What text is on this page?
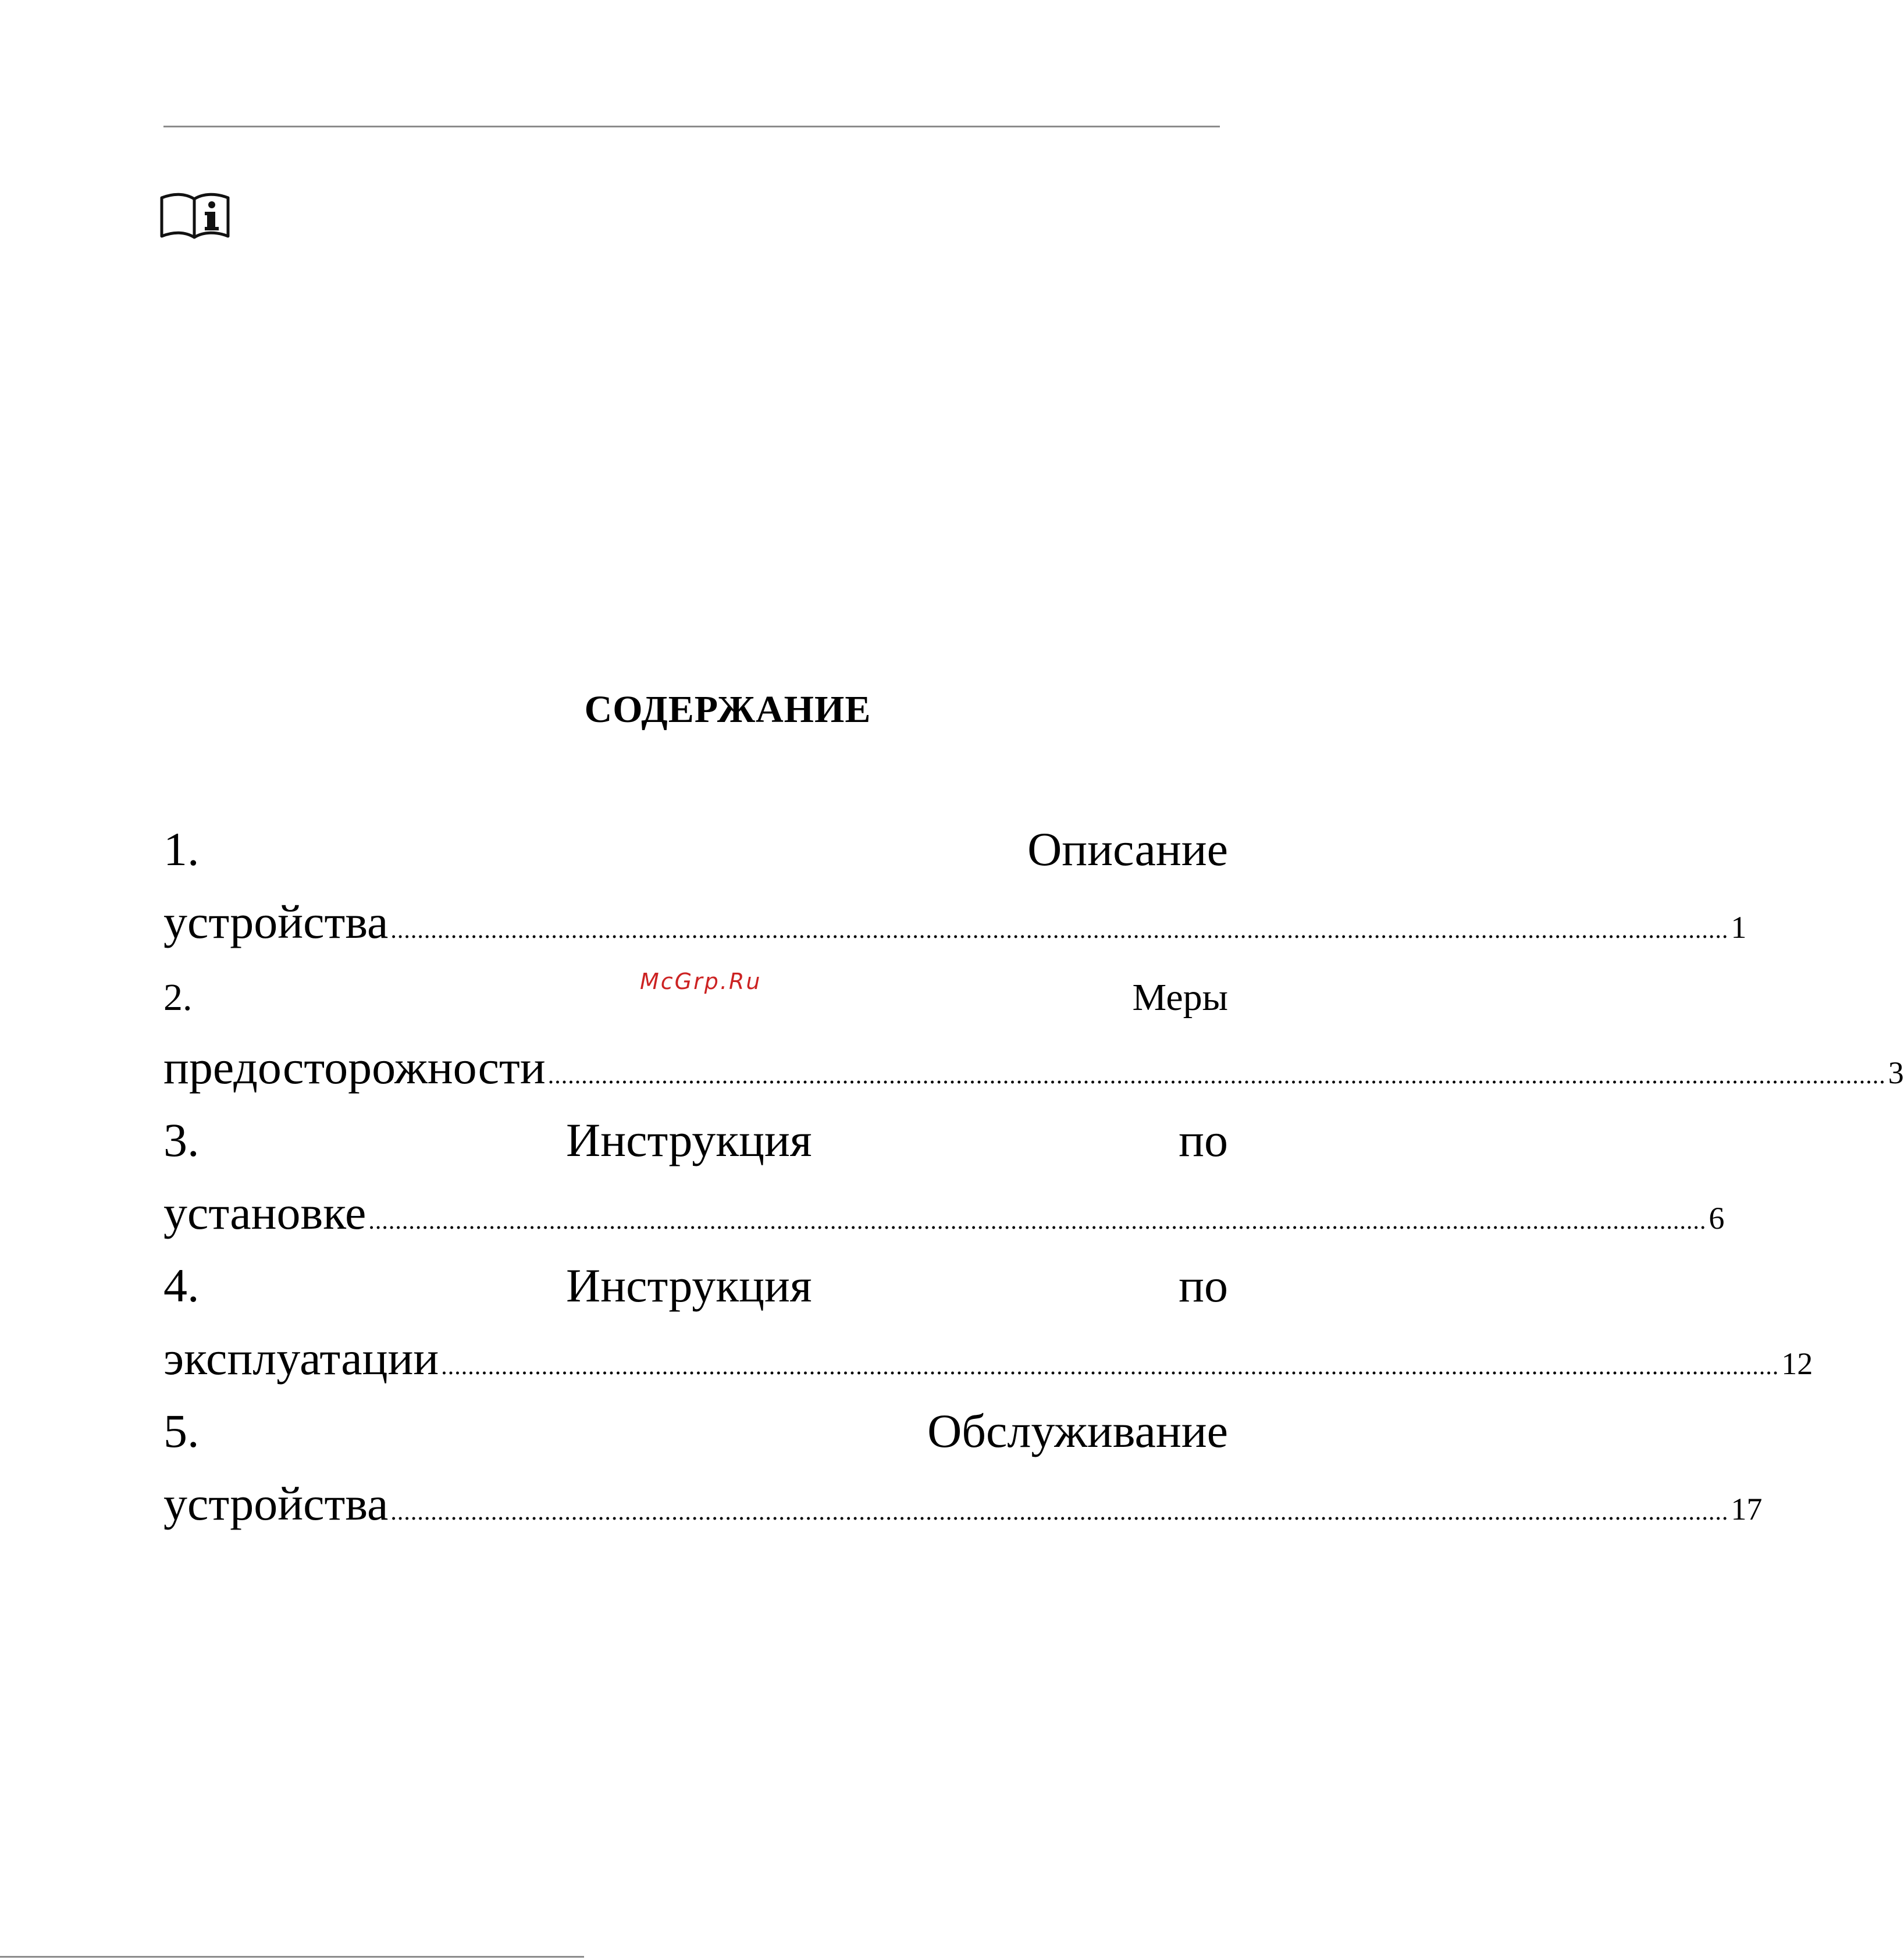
СОДЕРЖАНИЕ
1.	Описание
устройства ........................................................................................................................................................................................................ 1
2.	Меры
предосторожности ........................................................................................................................................................................................................ 3
3.	Инструкция	по
установке ........................................................................................................................................................................................................ 6
4.	Инструкция	по
эксплуатации ........................................................................................................................................................................................................ 12
5.	Обслуживание
устройства ........................................................................................................................................................................................................ 17
McGrp.Ru
